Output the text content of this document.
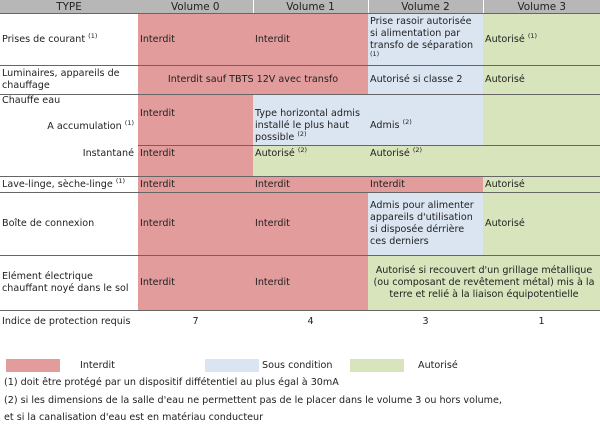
TYPE	Volume 0	Volume 1	Volume 2	Volume 3
Prises de courant $^{(1)}$	Interdit	Interdit	Prise rasoir autorisée si alimentation par transfo de séparation $^{(1)}$	Autorisé $^{(1)}$
Luminaires, appareils de chauffage	Interdit sauf TBTS 12V avec transfo		Autorisé si classe 2	Autorisé
Chauffe eau				
A accumulation $^{(1)}$	Interdit	Type horizontal admis installé le plus haut possible $^{(2)}$	Admis $^{(2)}$	
Instantané	Interdit	Autorisé $^{(2)}$	Autorisé $^{(2)}$	
Lave-linge, sèche-linge $^{(1)}$	Interdit	Interdit	Interdit	Autorisé
Boîte de connexion	Interdit	Interdit	Admis pour alimenter appareils d'utilisation si disposée dérrière ces derniers	Autorisé
Elément électrique chauffant noyé dans le sol	Interdit	Interdit	Autorisé si recouvert d'un grillage métallique (ou composant de revêtement métal) mis à la terre et relié à la liaison équipotentielle	
Indice de protection requis	7	4	3	1
Interdit	Sous condition	Autorisé
(1) doit être protégé par un dispositif diffétentiel au plus égal à 30mA
(2) si les dimensions de la salle d'eau ne permettent pas de le placer dans le volume 3 ou hors volume,
et si la canalisation d'eau est en matériau conducteur
